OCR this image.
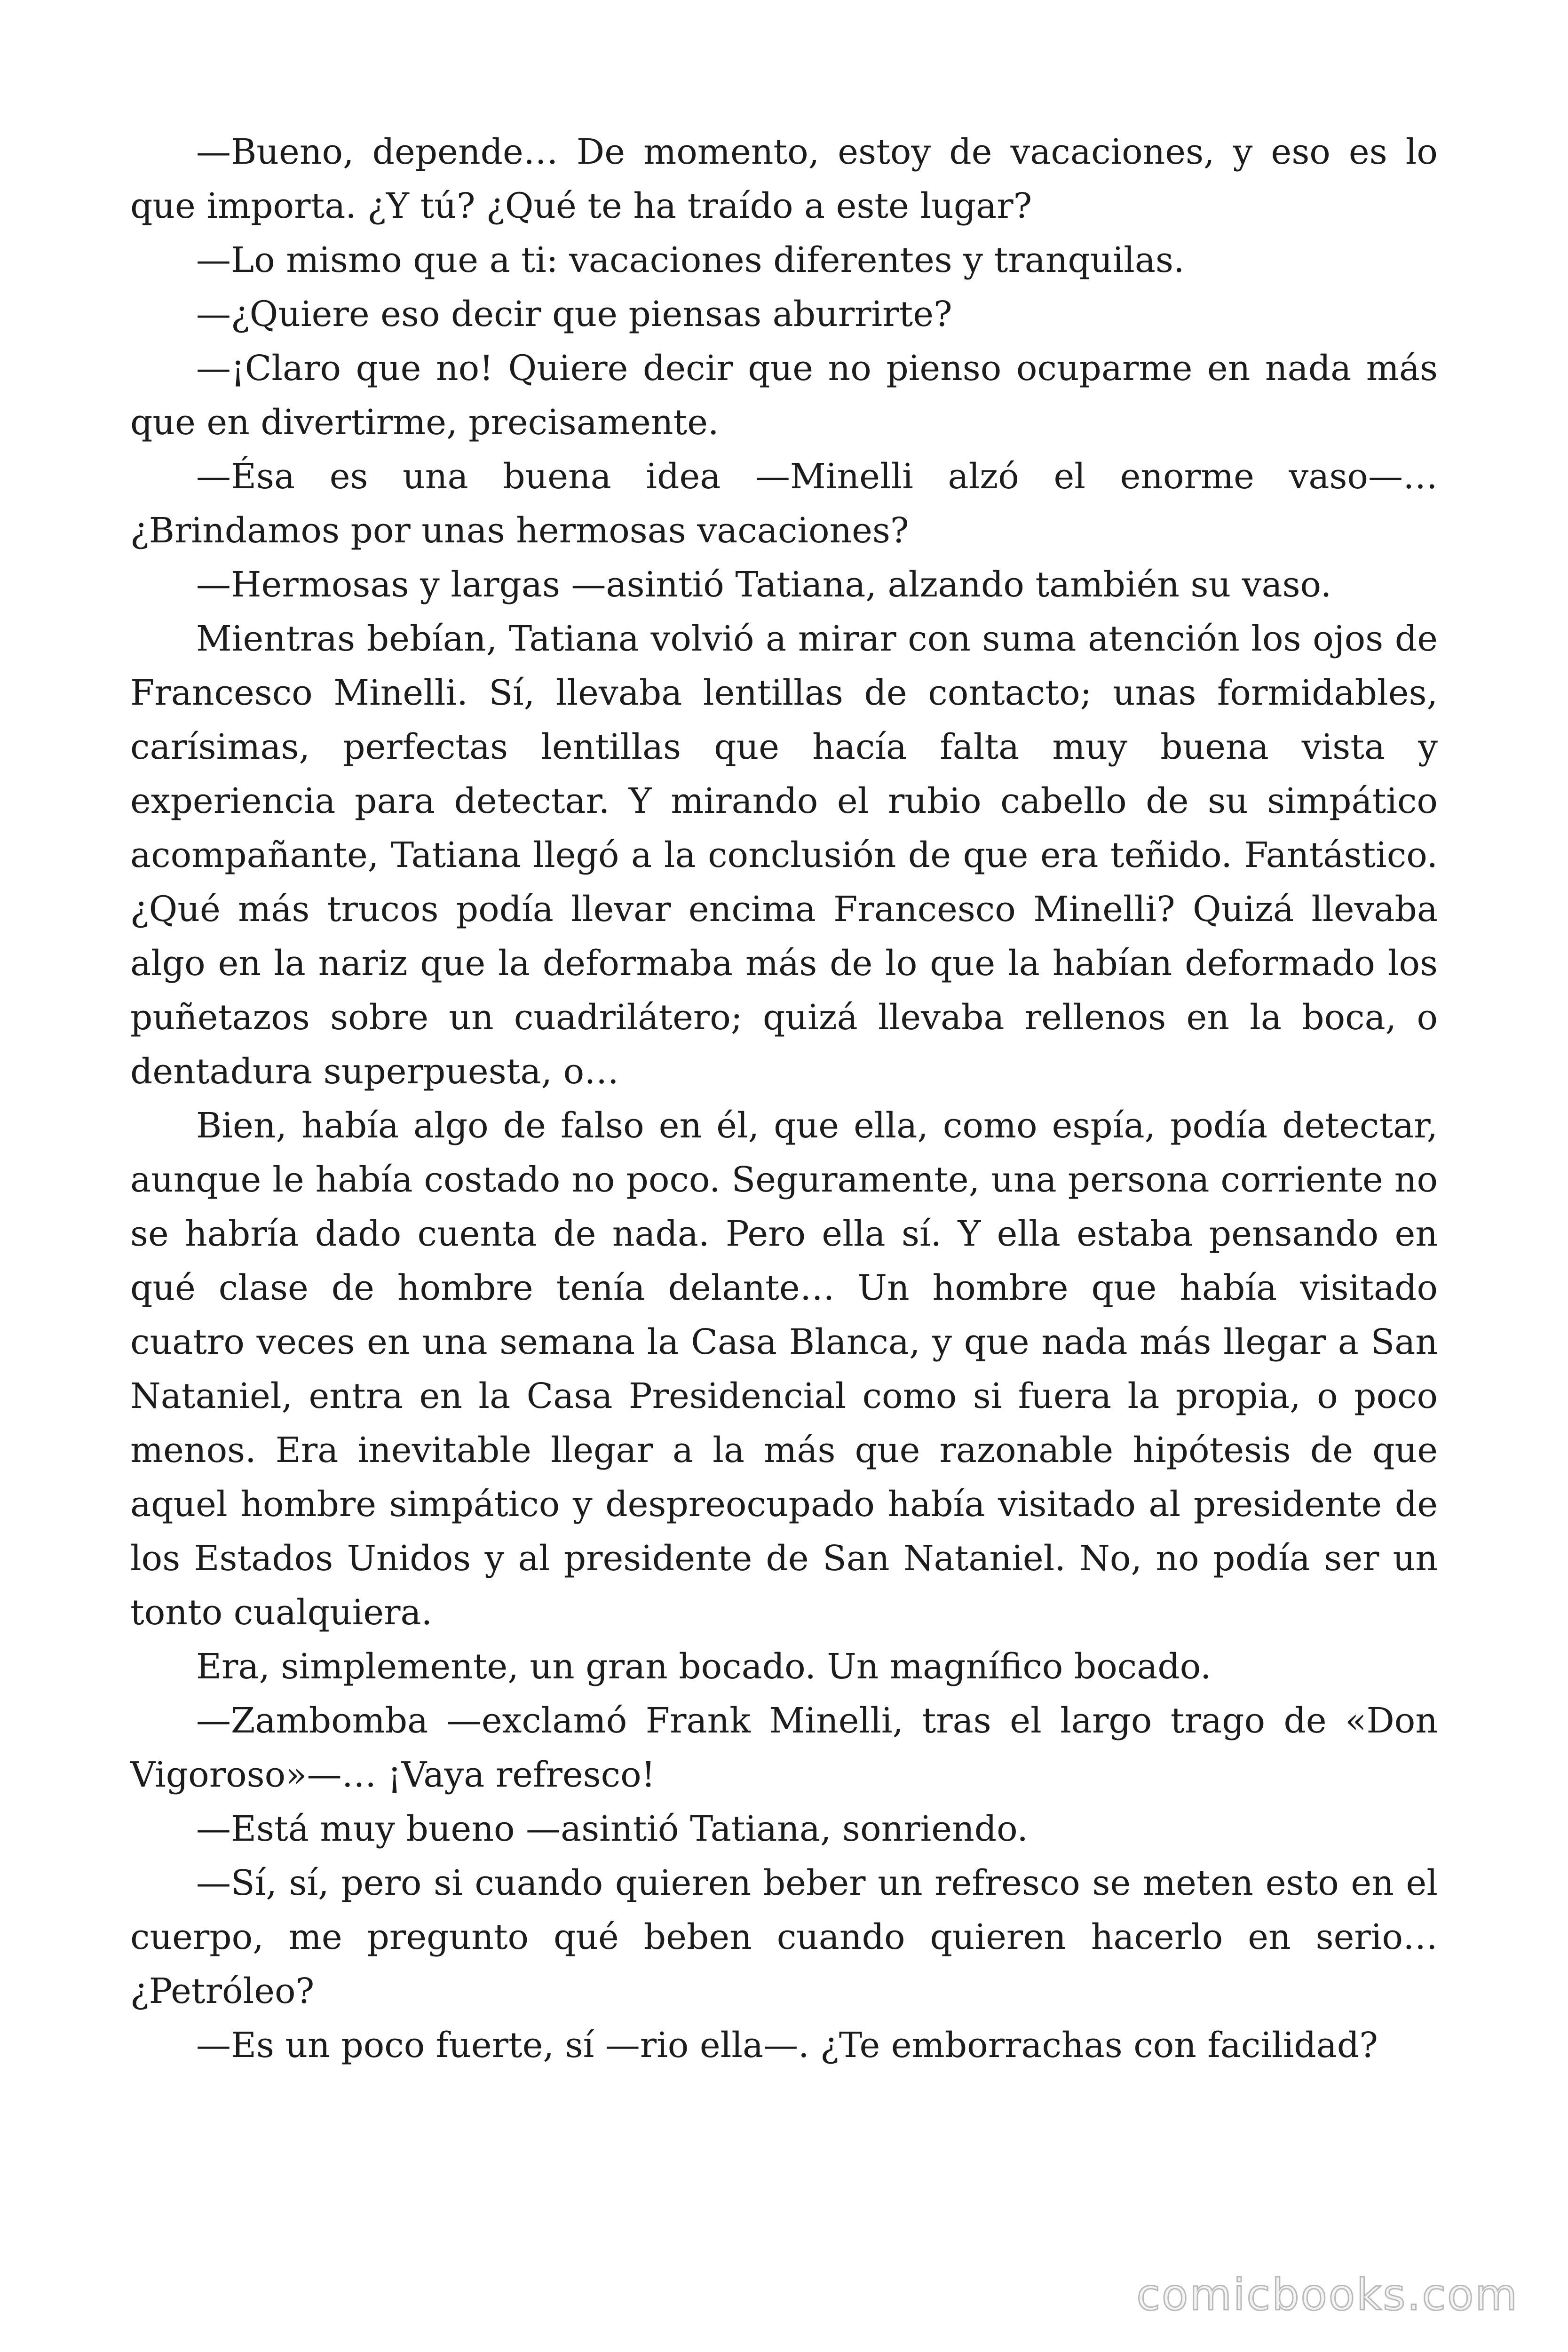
—Bueno, depende… De momento, estoy de vacaciones, y eso es lo que importa. ¿Y tú? ¿Qué te ha traído a este lugar?

—Lo mismo que a ti: vacaciones diferentes y tranquilas.

—¿Quiere eso decir que piensas aburrirte?

—¡Claro que no! Quiere decir que no pienso ocuparme en nada más que en divertirme, precisamente.

—Ésa es una buena idea —Minelli alzó el enorme vaso—… ¿Brindamos por unas hermosas vacaciones?

—Hermosas y largas —asintió Tatiana, alzando también su vaso.

Mientras bebían, Tatiana volvió a mirar con suma atención los ojos de Francesco Minelli. Sí, llevaba lentillas de contacto; unas formidables, carísimas, perfectas lentillas que hacía falta muy buena vista y experiencia para detectar. Y mirando el rubio cabello de su simpático acompañante, Tatiana llegó a la conclusión de que era teñido. Fantástico. ¿Qué más trucos podía llevar encima Francesco Minelli? Quizá llevaba algo en la nariz que la deformaba más de lo que la habían deformado los puñetazos sobre un cuadrilátero; quizá llevaba rellenos en la boca, o dentadura superpuesta, o…

Bien, había algo de falso en él, que ella, como espía, podía detectar, aunque le había costado no poco. Seguramente, una persona corriente no se habría dado cuenta de nada. Pero ella sí. Y ella estaba pensando en qué clase de hombre tenía delante… Un hombre que había visitado cuatro veces en una semana la Casa Blanca, y que nada más llegar a San Nataniel, entra en la Casa Presidencial como si fuera la propia, o poco menos. Era inevitable llegar a la más que razonable hipótesis de que aquel hombre simpático y despreocupado había visitado al presidente de los Estados Unidos y al presidente de San Nataniel. No, no podía ser un tonto cualquiera.

Era, simplemente, un gran bocado. Un magnífico bocado.

—Zambomba —exclamó Frank Minelli, tras el largo trago de «Don Vigoroso»—… ¡Vaya refresco!

—Está muy bueno —asintió Tatiana, sonriendo.

—Sí, sí, pero si cuando quieren beber un refresco se meten esto en el cuerpo, me pregunto qué beben cuando quieren hacerlo en serio… ¿Petróleo?

—Es un poco fuerte, sí —rio ella—. ¿Te emborrachas con facilidad?

comicbooks.com
